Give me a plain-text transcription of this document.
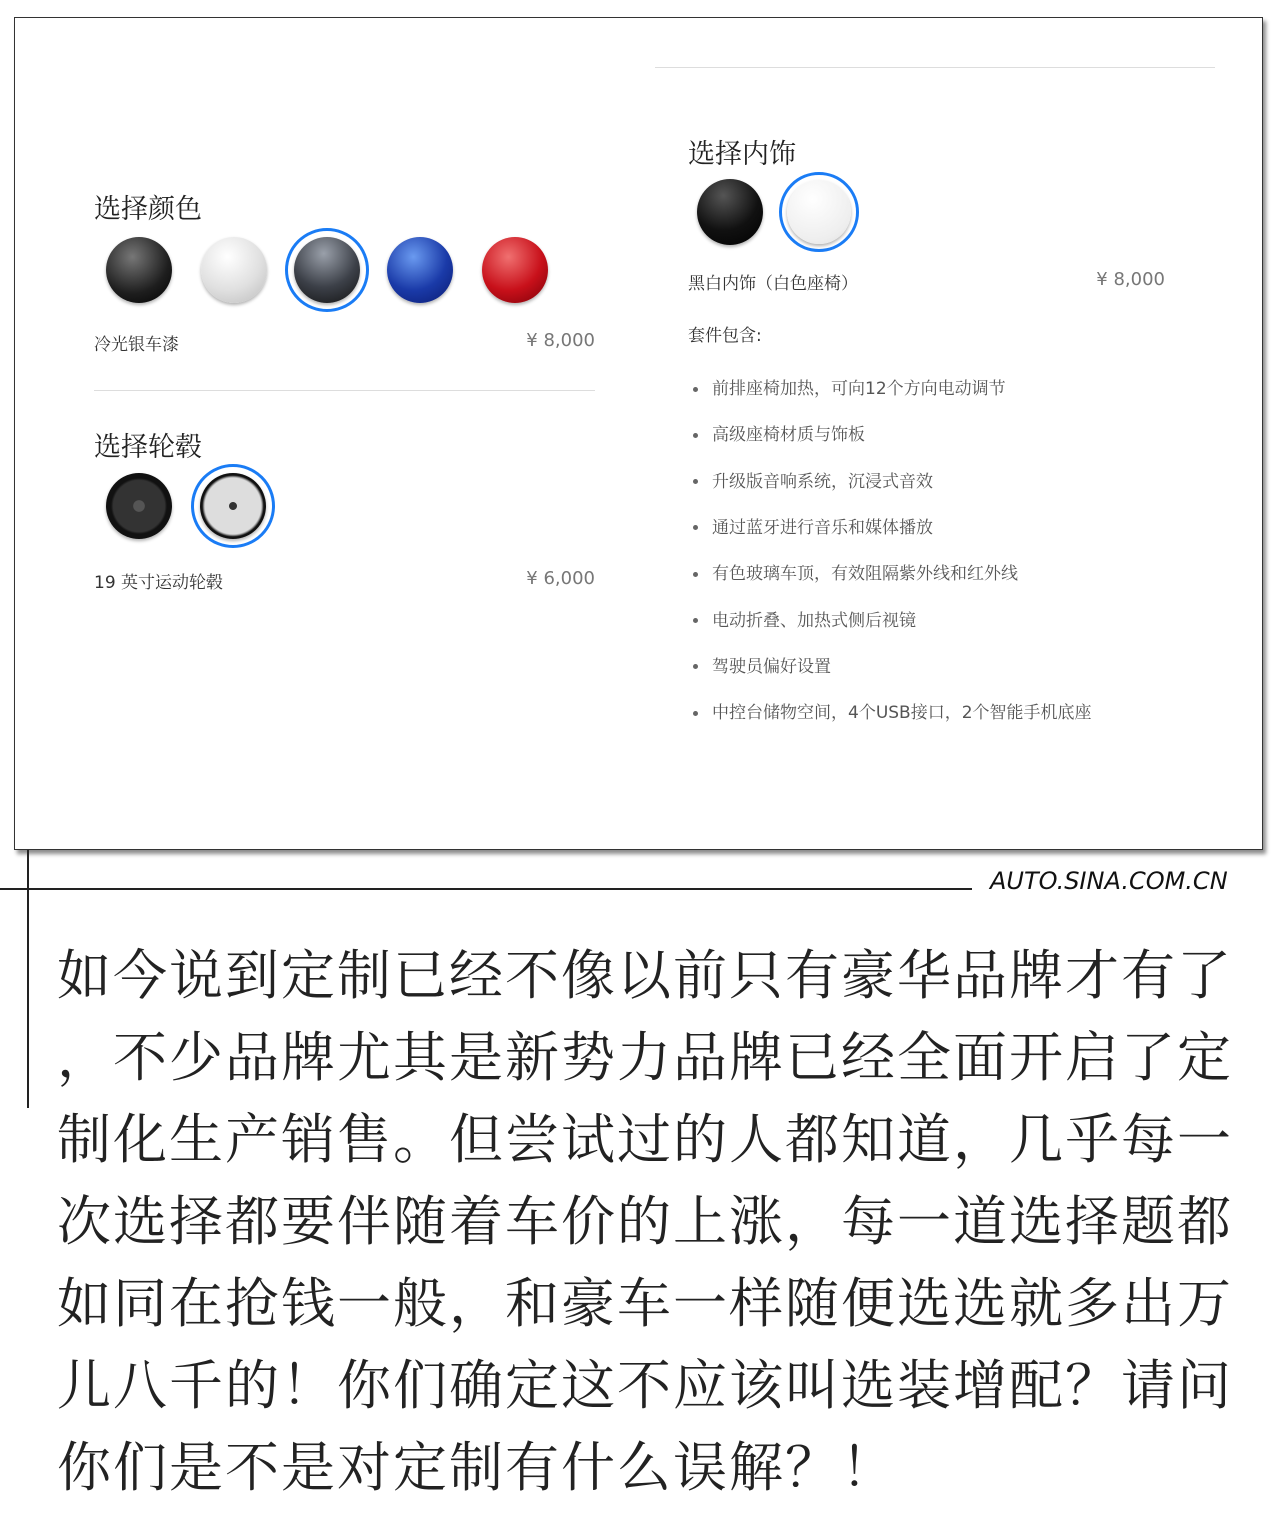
选择颜色
冷光银车漆	¥ 8,000
选择轮毂
19 英寸运动轮毂	¥ 6,000
选择内饰
黑白内饰（白色座椅）	¥ 8,000
套件包含:
前排座椅加热，可向12个方向电动调节
高级座椅材质与饰板
升级版音响系统，沉浸式音效
通过蓝牙进行音乐和媒体播放
有色玻璃车顶，有效阻隔紫外线和红外线
电动折叠、加热式侧后视镜
驾驶员偏好设置
中控台储物空间，4个USB接口，2个智能手机底座
AUTO.SINA.COM.CN
如今说到定制已经不像以前只有豪华品牌才有了
，不少品牌尤其是新势力品牌已经全面开启了定
制化生产销售。但尝试过的人都知道，几乎每一
次选择都要伴随着车价的上涨，每一道选择题都
如同在抢钱一般，和豪车一样随便选选就多出万
儿八千的！你们确定这不应该叫选装增配？请问
你们是不是对定制有什么误解？！
